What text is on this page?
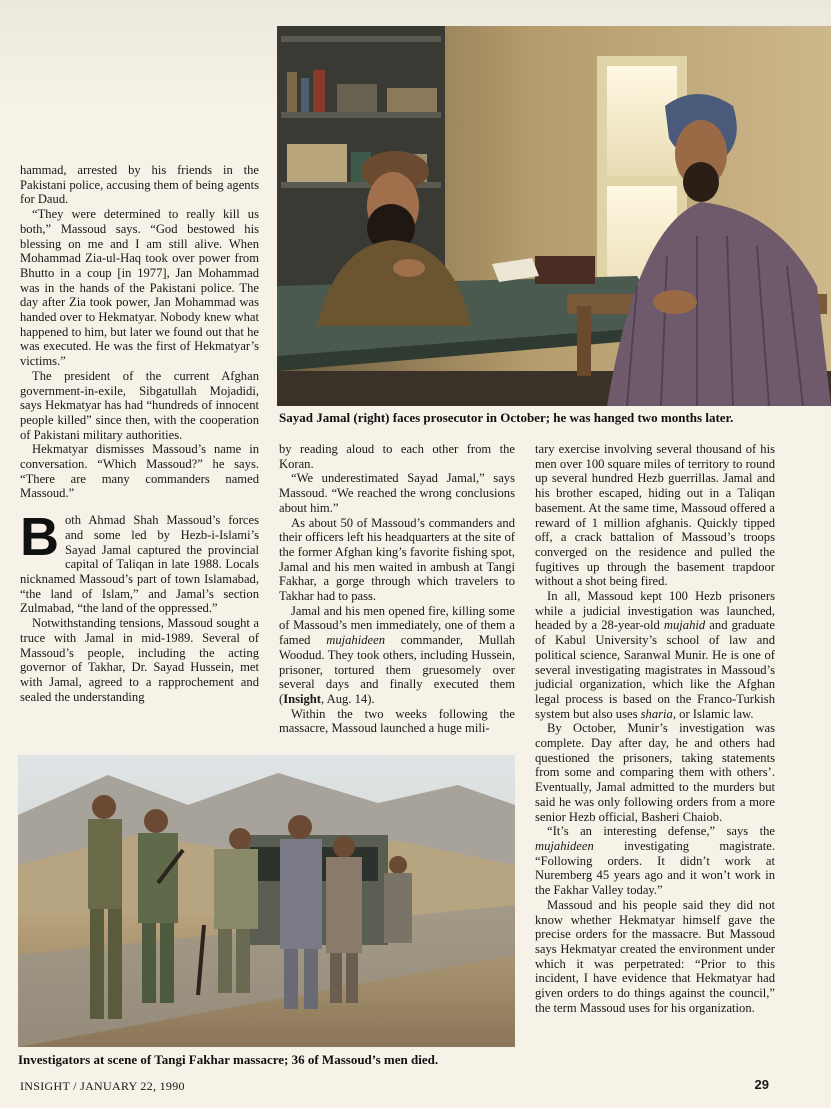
Sayad Jamal (right) faces prosecutor in October; he was hanged two months later.

hammad, arrested by his friends in the Pakistani police, accusing them of being agents for Daud.

“They were determined to really kill us both,” Massoud says. “God bestowed his blessing on me and I am still alive. When Mohammad Zia-ul-Haq took over power from Bhutto in a coup [in 1977], Jan Mohammad was in the hands of the Pakistani police. The day after Zia took power, Jan Mohammad was handed over to Hekmatyar. Nobody knew what happened to him, but later we found out that he was executed. He was the first of Hekmatyar’s victims.”

The president of the current Afghan government-in-exile, Sibgatullah Mojadidi, says Hekmatyar has had “hundreds of innocent people killed” since then, with the cooperation of Pakistani military authorities.

Hekmatyar dismisses Massoud’s name in conversation. “Which Massoud?” he says. “There are many commanders named Massoud.”

Both Ahmad Shah Massoud’s forces and some led by Hezb-i-Islami’s Sayad Jamal captured the provincial capital of Taliqan in late 1988. Locals nicknamed Massoud’s part of town Islamabad, “the land of Islam,” and Jamal’s section Zulmabad, “the land of the oppressed.”

Notwithstanding tensions, Massoud sought a truce with Jamal in mid-1989. Several of Massoud’s people, including the acting governor of Takhar, Dr. Sayad Hussein, met with Jamal, agreed to a rapprochement and sealed the understanding

by reading aloud to each other from the Koran.

“We underestimated Sayad Jamal,” says Massoud. “We reached the wrong conclusions about him.”

As about 50 of Massoud’s commanders and their officers left his headquarters at the site of the former Afghan king’s favorite fishing spot, Jamal and his men waited in ambush at Tangi Fakhar, a gorge through which travelers to Takhar had to pass.

Jamal and his men opened fire, killing some of Massoud’s men immediately, one of them a famed mujahideen commander, Mullah Woodud. They took others, including Hussein, prisoner, tortured them gruesomely over several days and finally executed them (Insight, Aug. 14).

Within the two weeks following the massacre, Massoud launched a huge mili-

tary exercise involving several thousand of his men over 100 square miles of territory to round up several hundred Hezb guerrillas. Jamal and his brother escaped, hiding out in a Taliqan basement. At the same time, Massoud offered a reward of 1 million afghanis. Quickly tipped off, a crack battalion of Massoud’s troops converged on the residence and pulled the fugitives up through the basement trapdoor without a shot being fired.

In all, Massoud kept 100 Hezb prisoners while a judicial investigation was launched, headed by a 28-year-old mujahid and graduate of Kabul University’s school of law and political science, Saranwal Munir. He is one of several investigating magistrates in Massoud’s judicial organization, which like the Afghan legal process is based on the Franco-Turkish system but also uses sharia, or Islamic law.

By October, Munir’s investigation was complete. Day after day, he and others had questioned the prisoners, taking statements from some and comparing them with others’. Eventually, Jamal admitted to the murders but said he was only following orders from a more senior Hezb official, Basheri Chaiob.

“It’s an interesting defense,” says the mujahideen investigating magistrate. “Following orders. It didn’t work at Nuremberg 45 years ago and it won’t work in the Fakhar Valley today.”

Massoud and his people said they did not know whether Hekmatyar himself gave the precise orders for the massacre. But Massoud says Hekmatyar created the environment under which it was perpetrated: “Prior to this incident, I have evidence that Hekmatyar had given orders to do things against the council,” the term Massoud uses for his organization.

Investigators at scene of Tangi Fakhar massacre; 36 of Massoud’s men died.
INSIGHT / JANUARY 22, 1990	29
